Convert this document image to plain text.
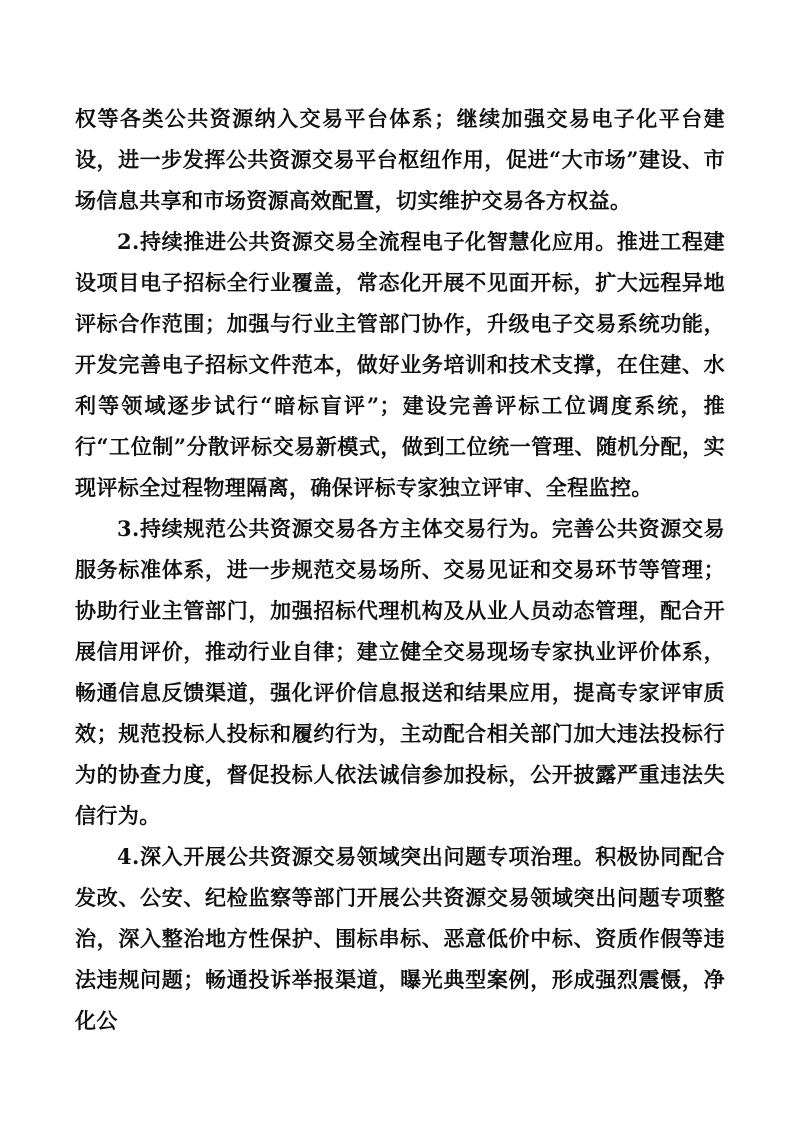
权等各类公共资源纳入交易平台体系；继续加强交易电子化平台建设，进一步发挥公共资源交易平台枢纽作用，促进“大市场”建设、市场信息共享和市场资源高效配置，切实维护交易各方权益。

2.持续推进公共资源交易全流程电子化智慧化应用。推进工程建设项目电子招标全行业覆盖，常态化开展不见面开标，扩大远程异地评标合作范围；加强与行业主管部门协作，升级电子交易系统功能，开发完善电子招标文件范本，做好业务培训和技术支撑，在住建、水利等领域逐步试行“暗标盲评”；建设完善评标工位调度系统，推行“工位制”分散评标交易新模式，做到工位统一管理、随机分配，实现评标全过程物理隔离，确保评标专家独立评审、全程监控。

3.持续规范公共资源交易各方主体交易行为。完善公共资源交易服务标准体系，进一步规范交易场所、交易见证和交易环节等管理；协助行业主管部门，加强招标代理机构及从业人员动态管理，配合开展信用评价，推动行业自律；建立健全交易现场专家执业评价体系，畅通信息反馈渠道，强化评价信息报送和结果应用，提高专家评审质效；规范投标人投标和履约行为，主动配合相关部门加大违法投标行为的协查力度，督促投标人依法诚信参加投标，公开披露严重违法失信行为。

4.深入开展公共资源交易领域突出问题专项治理。积极协同配合发改、公安、纪检监察等部门开展公共资源交易领域突出问题专项整治，深入整治地方性保护、围标串标、恶意低价中标、资质作假等违法违规问题；畅通投诉举报渠道，曝光典型案例，形成强烈震慑，净化公
